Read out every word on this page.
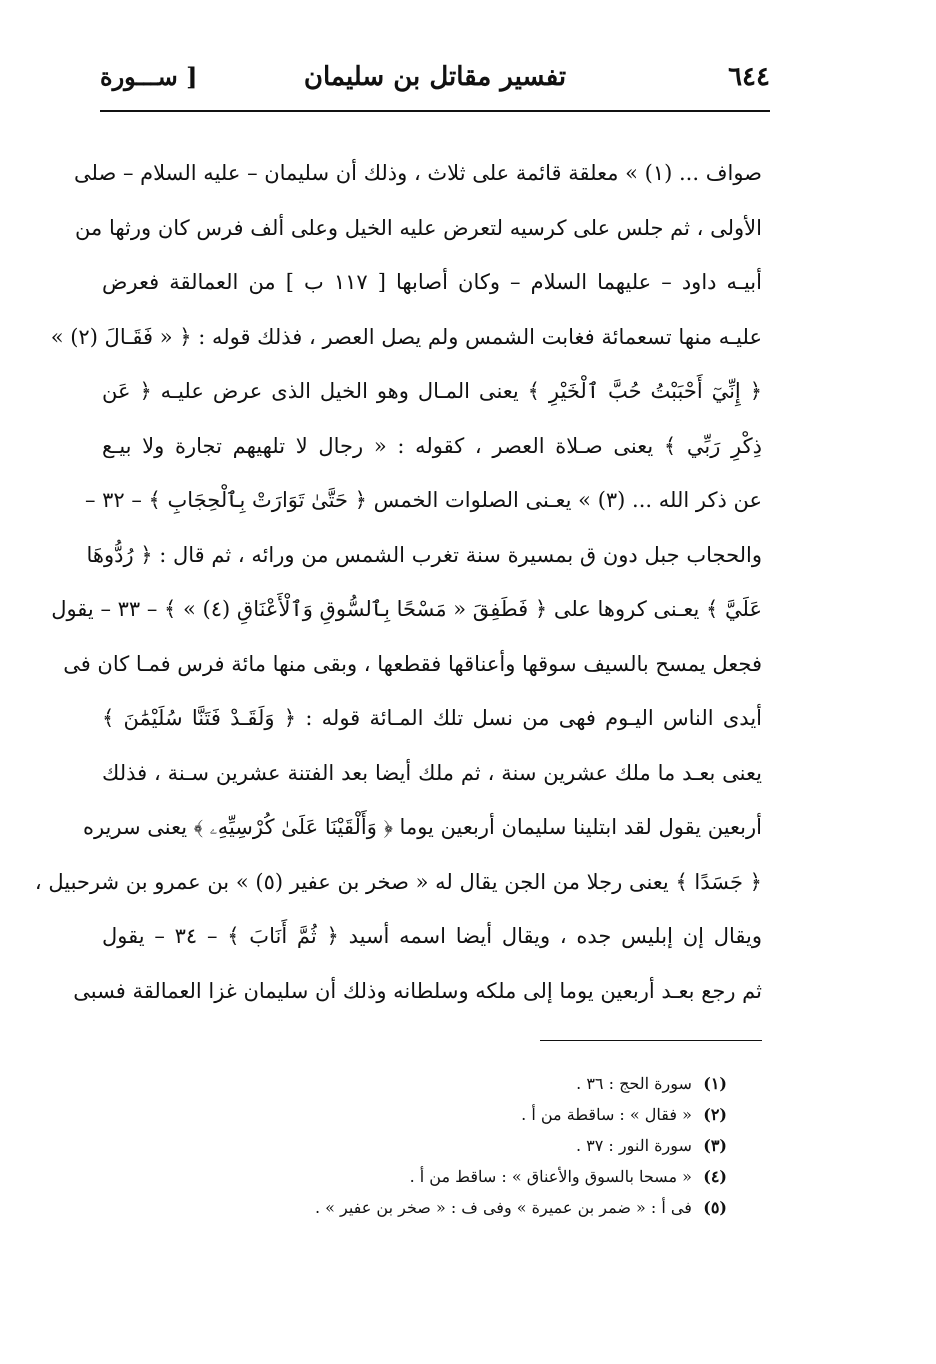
٦٤٤
تفسير مقاتل بن سليمان
[ ســـورة
صواف ... (١) » معلقة قائمة على ثلاث ، وذلك أن سليمان – عليه السلام – صلى
الأولى ، ثم جلس على كرسيه لتعرض عليه الخيل وعلى ألف فرس كان ورثها من
أبيـه داود – عليهما السلام – وكان أصابها [ ١١٧ ب ] من العمالقة فعرض
عليـه منها تسعمائة فغابت الشمس ولم يصل العصر ، فذلك قوله : ﴿ « فَقَـالَ (٢) »
﴿ إِنِّيٓ أَحْبَبْتُ حُبَّ ٱلْخَيْرِ ﴾ يعنى المـال وهو الخيل الذى عرض عليـه ﴿ عَن
ذِكْرِ رَبِّي ﴾ يعنى صـلاة العصر ، كقوله : « رجال لا تلهيهم تجارة ولا بيـع
عن ذكر الله ... (٣) » يعـنى الصلوات الخمس ﴿ حَتَّىٰ تَوَارَتْ بِٱلْحِجَابِ ﴾ – ٣٢ –
والحجاب جبل دون ق بمسيرة سنة تغرب الشمس من ورائه ، ثم قال : ﴿ رُدُّوهَا
عَلَيَّ ﴾ يعـنى كروها على ﴿ فَطَفِقَ « مَسْحًا بِٱلسُّوقِ وَٱلْأَعْنَاقِ (٤) » ﴾ – ٣٣ – يقول
فجعل يمسح بالسيف سوقها وأعناقها فقطعها ، وبقى منها مائة فرس فمـا كان فى
أيدى الناس اليـوم فهى من نسل تلك المـائة قوله : ﴿ وَلَقَـدْ فَتَنَّا سُلَيْمَٰنَ ﴾
يعنى بعـد ما ملك عشرين سنة ، ثم ملك أيضا بعد الفتنة عشرين سـنة ، فذلك
أربعين يقول لقد ابتلينا سليمان أربعين يوما ﴿ وَأَلْقَيْنَا عَلَىٰ كُرْسِيِّهِۦ ﴾ يعنى سريره
﴿ جَسَدًا ﴾ يعنى رجلا من الجن يقال له « صخر بن عفير (٥) » بن عمرو بن شرحبيل ،
ويقال إن إبليس جده ، ويقال أيضا اسمه أسيد ﴿ ثُمَّ أَنَابَ ﴾ – ٣٤ – يقول
ثم رجع بعـد أربعين يوما إلى ملكه وسلطانه وذلك أن سليمان غزا العمالقة فسبى
(١) سورة الحج : ٣٦ .
(٢) « فقال » : ساقطة من أ .
(٣) سورة النور : ٣٧ .
(٤) « مسحا بالسوق والأعناق » : ساقط من أ .
(٥) فى أ : « ضمر بن عميرة » وفى ف : « صخر بن عفير » .
